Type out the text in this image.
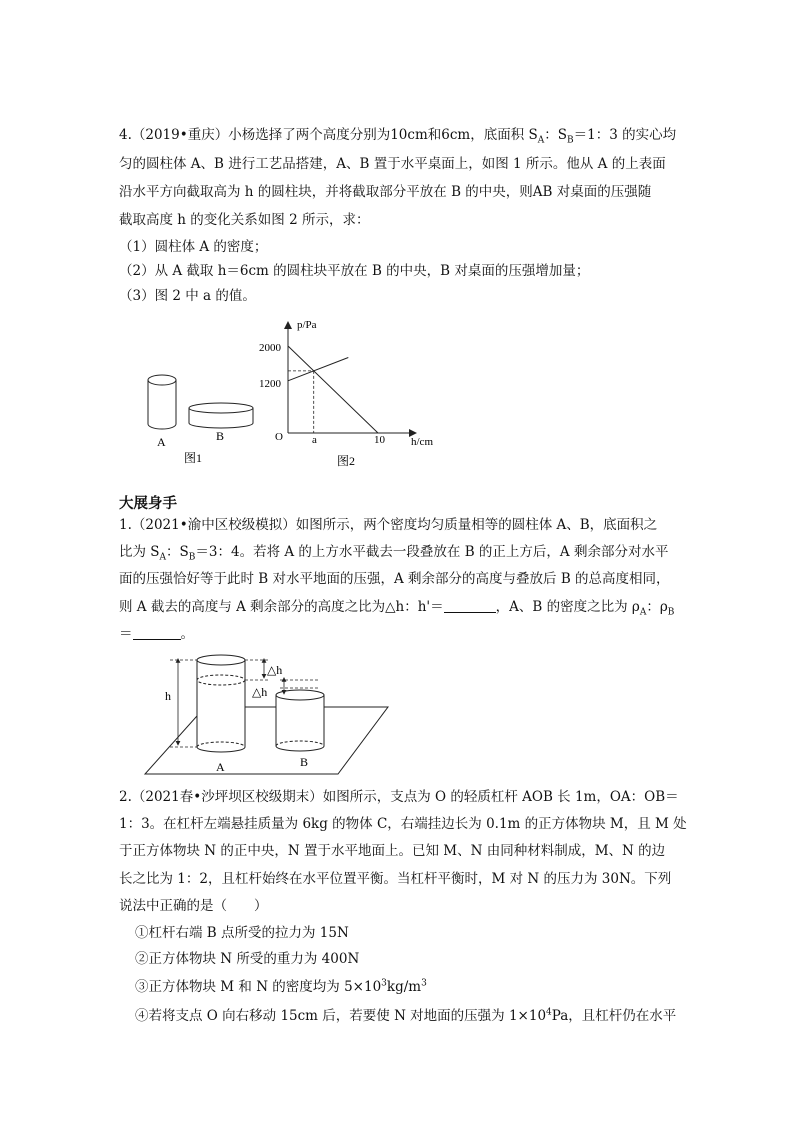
4.（2019•重庆）小杨选择了两个高度分别为10cm和6cm，底面积 $S_A$：$S_B=1$：3 的实心均
匀的圆柱体 A、B 进行工艺品搭建，A、B 置于水平桌面上，如图 1 所示。他从 A 的上表面
沿水平方向截取高为 h 的圆柱块，并将截取部分平放在 B 的中央，则AB 对桌面的压强随
截取高度 h 的变化关系如图 2 所示，求：
（1）圆柱体 A 的密度；
（2）从 A 截取 h＝6cm 的圆柱块平放在 B 的中央，B 对桌面的压强增加量；
（3）图 2 中 a 的值。
A	B
图1
p/Pa
h/cm
O
2000
1200
a	10
图2
大展身手
1.（2021•渝中区校级模拟）如图所示，两个密度均匀质量相等的圆柱体 A、B，底面积之
比为 $S_A$：$S_B=3$：4。若将 A 的上方水平截去一段叠放在 B 的正上方后，A 剩余部分对水平
面的压强恰好等于此时 B 对水平地面的压强，A 剩余部分的高度与叠放后 B 的总高度相同，
则 A 截去的高度与 A 剩余部分的高度之比为△h：h'＝	，A、B 的密度之比为 $\rho_A$：$\rho_B$
＝	。
h
△h
△h
A	B
2.（2021春•沙坪坝区校级期末）如图所示，支点为 O 的轻质杠杆 AOB 长 1m，OA：OB＝
1：3。在杠杆左端悬挂质量为 6kg 的物体 C，右端挂边长为 0.1m 的正方体物块 M，且 M 处
于正方体物块 N 的正中央，N 置于水平地面上。已知 M、N 由同种材料制成，M、N 的边
长之比为 1：2，且杠杆始终在水平位置平衡。当杠杆平衡时，M 对 N 的压力为 30N。下列
说法中正确的是（　　）
①杠杆右端 B 点所受的拉力为 15N
②正方体物块 N 所受的重力为 400N
③正方体物块 M 和 N 的密度均为 $5\times 10^3kg/m^3$
④若将支点 O 向右移动 15cm 后，若要使 N 对地面的压强为 $1\times 10^4Pa$，且杠杆仍在水平
